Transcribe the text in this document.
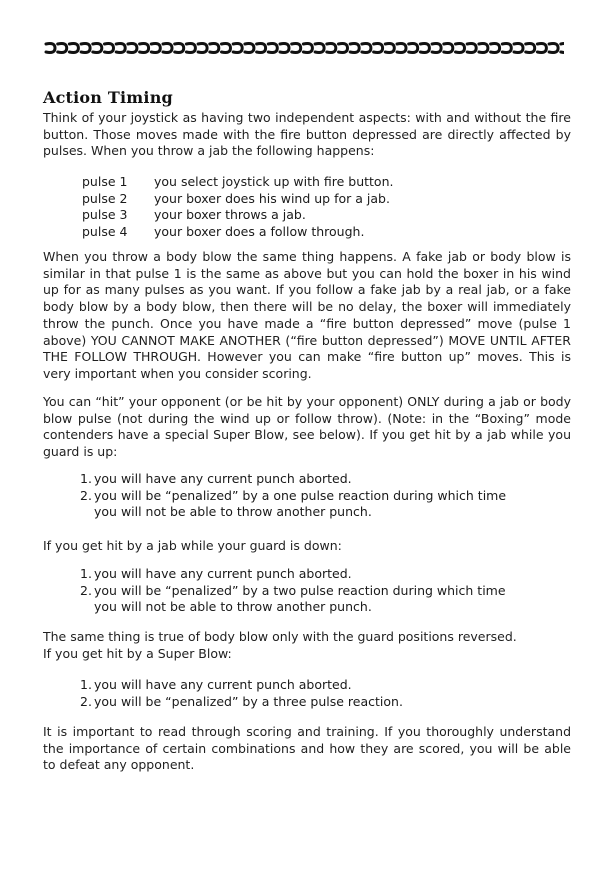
Action Timing

Think of your joystick as having two independent aspects: with and without the fire button. Those moves made with the fire button depressed are directly affected by pulses. When you throw a jab the following happens:

pulse 1	you select joystick up with fire button.
pulse 2	your boxer does his wind up for a jab.
pulse 3	your boxer throws a jab.
pulse 4	your boxer does a follow through.

When you throw a body blow the same thing happens. A fake jab or body blow is similar in that pulse 1 is the same as above but you can hold the boxer in his wind up for as many pulses as you want. If you follow a fake jab by a real jab, or a fake body blow by a body blow, then there will be no delay, the boxer will immediately throw the punch. Once you have made a “fire button depressed” move (pulse 1 above) YOU CANNOT MAKE ANOTHER (“fire button depressed”) MOVE UNTIL AFTER THE FOLLOW THROUGH. However you can make “fire button up” moves. This is very important when you consider scoring.

You can “hit” your opponent (or be hit by your opponent) ONLY during a jab or body blow pulse (not during the wind up or follow throw). (Note: in the “Boxing” mode contenders have a special Super Blow, see below). If you get hit by a jab while you guard is up:

1. you will have any current punch aborted.
2. you will be “penalized” by a one pulse reaction during which time you will not be able to throw another punch.

If you get hit by a jab while your guard is down:

1. you will have any current punch aborted.
2. you will be “penalized” by a two pulse reaction during which time you will not be able to throw another punch.

The same thing is true of body blow only with the guard positions reversed.

If you get hit by a Super Blow:

1. you will have any current punch aborted.
2. you will be “penalized” by a three pulse reaction.

It is important to read through scoring and training. If you thoroughly understand the importance of certain combinations and how they are scored, you will be able to defeat any opponent.
